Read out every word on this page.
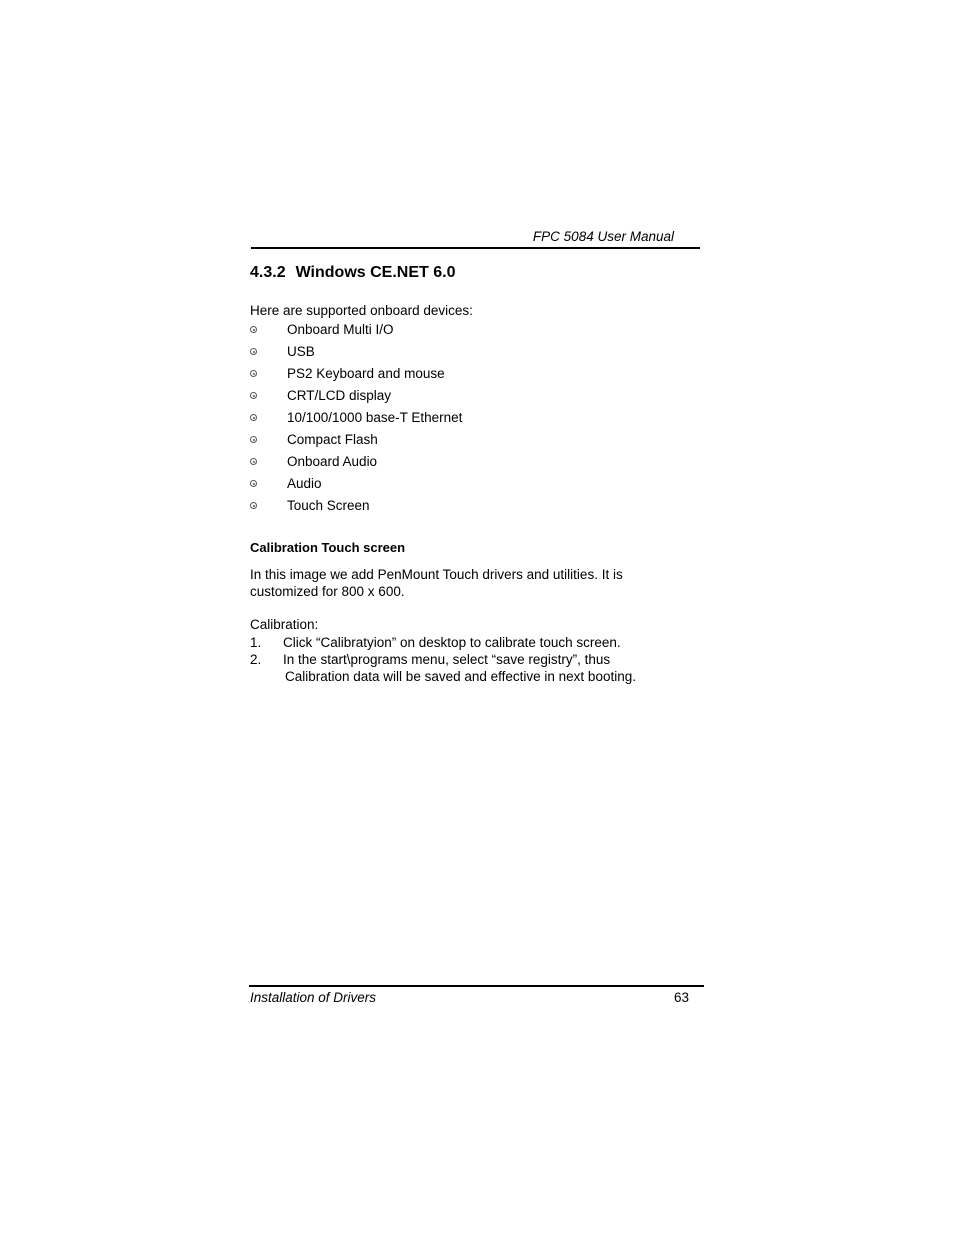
FPC 5084 User Manual
4.3.2 Windows CE.NET 6.0
Here are supported onboard devices:
Onboard Multi I/O
USB
PS2 Keyboard and mouse
CRT/LCD display
10/100/1000 base-T Ethernet
Compact Flash
Onboard Audio
Audio
Touch Screen
Calibration Touch screen
In this image we add PenMount Touch drivers and utilities. It is customized for 800 x 600.
Calibration:
1. Click “Calibratyion” on desktop to calibrate touch screen.
2. In the start\programs menu, select “save registry”, thus
Calibration data will be saved and effective in next booting.
Installation of Drivers	63
